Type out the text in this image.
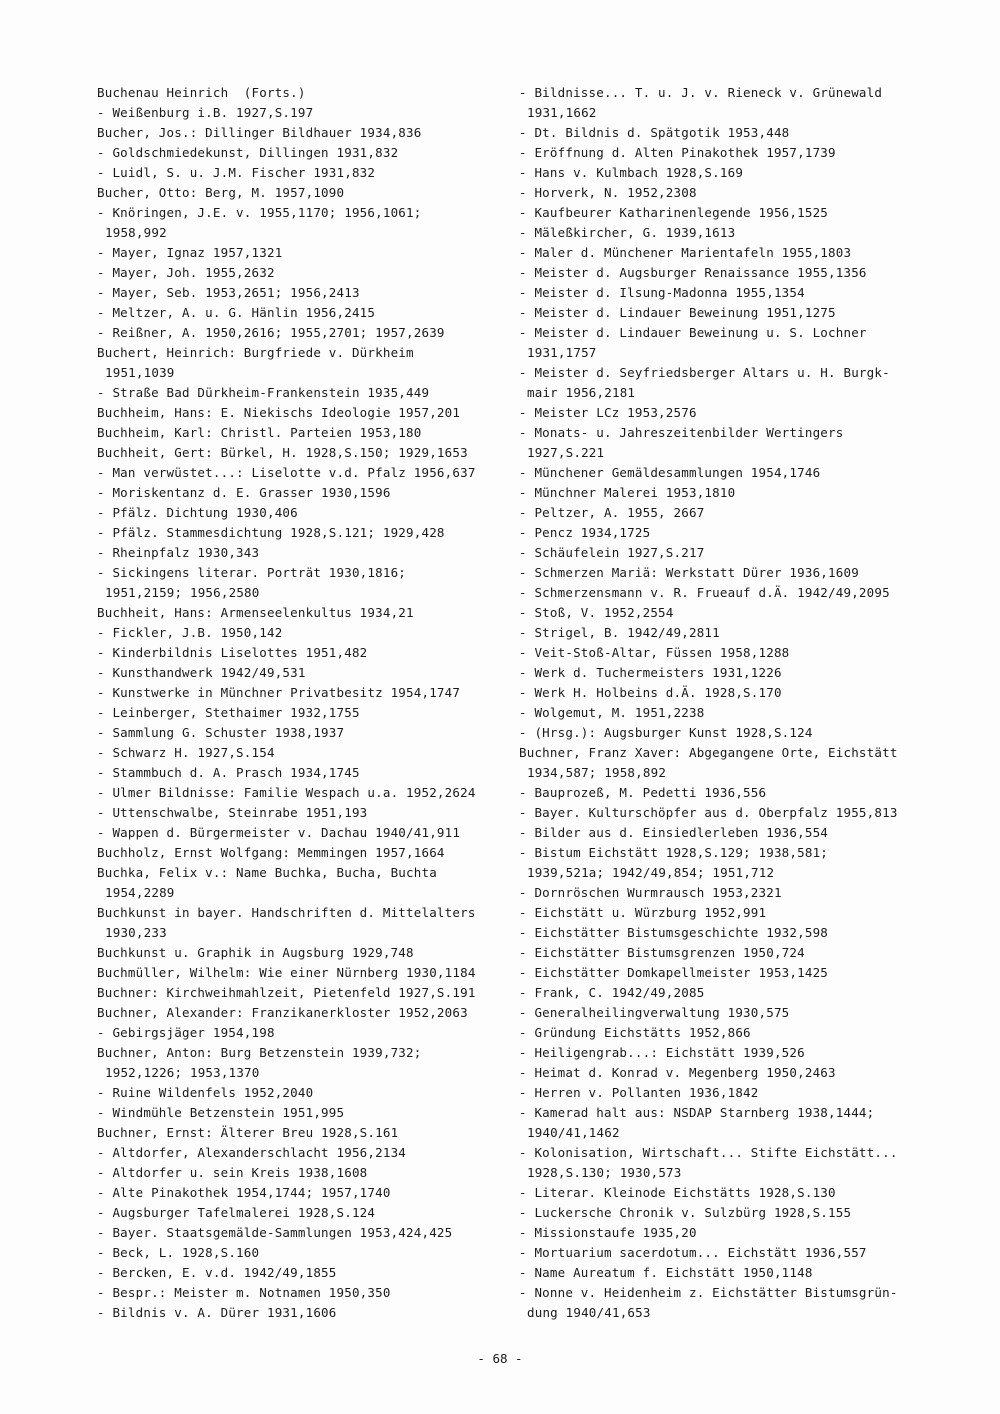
Buchenau Heinrich  (Forts.)
- Weißenburg i.B. 1927,S.197
Bucher, Jos.: Dillinger Bildhauer 1934,836
- Goldschmiedekunst, Dillingen 1931,832
- Luidl, S. u. J.M. Fischer 1931,832
Bucher, Otto: Berg, M. 1957,1090
- Knöringen, J.E. v. 1955,1170; 1956,1061;
1958,992
- Mayer, Ignaz 1957,1321
- Mayer, Joh. 1955,2632
- Mayer, Seb. 1953,2651; 1956,2413
- Meltzer, A. u. G. Hänlin 1956,2415
- Reißner, A. 1950,2616; 1955,2701; 1957,2639
Buchert, Heinrich: Burgfriede v. Dürkheim
1951,1039
- Straße Bad Dürkheim-Frankenstein 1935,449
Buchheim, Hans: E. Niekischs Ideologie 1957,201
Buchheim, Karl: Christl. Parteien 1953,180
Buchheit, Gert: Bürkel, H. 1928,S.150; 1929,1653
- Man verwüstet...: Liselotte v.d. Pfalz 1956,637
- Moriskentanz d. E. Grasser 1930,1596
- Pfälz. Dichtung 1930,406
- Pfälz. Stammesdichtung 1928,S.121; 1929,428
- Rheinpfalz 1930,343
- Sickingens literar. Porträt 1930,1816;
1951,2159; 1956,2580
Buchheit, Hans: Armenseelenkultus 1934,21
- Fickler, J.B. 1950,142
- Kinderbildnis Liselottes 1951,482
- Kunsthandwerk 1942/49,531
- Kunstwerke in Münchner Privatbesitz 1954,1747
- Leinberger, Stethaimer 1932,1755
- Sammlung G. Schuster 1938,1937
- Schwarz H. 1927,S.154
- Stammbuch d. A. Prasch 1934,1745
- Ulmer Bildnisse: Familie Wespach u.a. 1952,2624
- Uttenschwalbe, Steinrabe 1951,193
- Wappen d. Bürgermeister v. Dachau 1940/41,911
Buchholz, Ernst Wolfgang: Memmingen 1957,1664
Buchka, Felix v.: Name Buchka, Bucha, Buchta
1954,2289
Buchkunst in bayer. Handschriften d. Mittelalters
1930,233
Buchkunst u. Graphik in Augsburg 1929,748
Buchmüller, Wilhelm: Wie einer Nürnberg 1930,1184
Buchner: Kirchweihmahlzeit, Pietenfeld 1927,S.191
Buchner, Alexander: Franzikanerkloster 1952,2063
- Gebirgsjäger 1954,198
Buchner, Anton: Burg Betzenstein 1939,732;
1952,1226; 1953,1370
- Ruine Wildenfels 1952,2040
- Windmühle Betzenstein 1951,995
Buchner, Ernst: Älterer Breu 1928,S.161
- Altdorfer, Alexanderschlacht 1956,2134
- Altdorfer u. sein Kreis 1938,1608
- Alte Pinakothek 1954,1744; 1957,1740
- Augsburger Tafelmalerei 1928,S.124
- Bayer. Staatsgemälde-Sammlungen 1953,424,425
- Beck, L. 1928,S.160
- Bercken, E. v.d. 1942/49,1855
- Bespr.: Meister m. Notnamen 1950,350
- Bildnis v. A. Dürer 1931,1606
- Bildnisse... T. u. J. v. Rieneck v. Grünewald
1931,1662
- Dt. Bildnis d. Spätgotik 1953,448
- Eröffnung d. Alten Pinakothek 1957,1739
- Hans v. Kulmbach 1928,S.169
- Horverk, N. 1952,2308
- Kaufbeurer Katharinenlegende 1956,1525
- Mäleßkircher, G. 1939,1613
- Maler d. Münchener Marientafeln 1955,1803
- Meister d. Augsburger Renaissance 1955,1356
- Meister d. Ilsung-Madonna 1955,1354
- Meister d. Lindauer Beweinung 1951,1275
- Meister d. Lindauer Beweinung u. S. Lochner
1931,1757
- Meister d. Seyfriedsberger Altars u. H. Burgk-
mair 1956,2181
- Meister LCz 1953,2576
- Monats- u. Jahreszeitenbilder Wertingers
1927,S.221
- Münchener Gemäldesammlungen 1954,1746
- Münchner Malerei 1953,1810
- Peltzer, A. 1955, 2667
- Pencz 1934,1725
- Schäufelein 1927,S.217
- Schmerzen Mariä: Werkstatt Dürer 1936,1609
- Schmerzensmann v. R. Frueauf d.Ä. 1942/49,2095
- Stoß, V. 1952,2554
- Strigel, B. 1942/49,2811
- Veit-Stoß-Altar, Füssen 1958,1288
- Werk d. Tuchermeisters 1931,1226
- Werk H. Holbeins d.Ä. 1928,S.170
- Wolgemut, M. 1951,2238
- (Hrsg.): Augsburger Kunst 1928,S.124
Buchner, Franz Xaver: Abgegangene Orte, Eichstätt
1934,587; 1958,892
- Bauprozeß, M. Pedetti 1936,556
- Bayer. Kulturschöpfer aus d. Oberpfalz 1955,813
- Bilder aus d. Einsiedlerleben 1936,554
- Bistum Eichstätt 1928,S.129; 1938,581;
1939,521a; 1942/49,854; 1951,712
- Dornröschen Wurmrausch 1953,2321
- Eichstätt u. Würzburg 1952,991
- Eichstätter Bistumsgeschichte 1932,598
- Eichstätter Bistumsgrenzen 1950,724
- Eichstätter Domkapellmeister 1953,1425
- Frank, C. 1942/49,2085
- Generalheilingverwaltung 1930,575
- Gründung Eichstätts 1952,866
- Heiligengrab...: Eichstätt 1939,526
- Heimat d. Konrad v. Megenberg 1950,2463
- Herren v. Pollanten 1936,1842
- Kamerad halt aus: NSDAP Starnberg 1938,1444;
1940/41,1462
- Kolonisation, Wirtschaft... Stifte Eichstätt...
1928,S.130; 1930,573
- Literar. Kleinode Eichstätts 1928,S.130
- Luckersche Chronik v. Sulzbürg 1928,S.155
- Missionstaufe 1935,20
- Mortuarium sacerdotum... Eichstätt 1936,557
- Name Aureatum f. Eichstätt 1950,1148
- Nonne v. Heidenheim z. Eichstätter Bistumsgrün-
dung 1940/41,653
- 68 -
